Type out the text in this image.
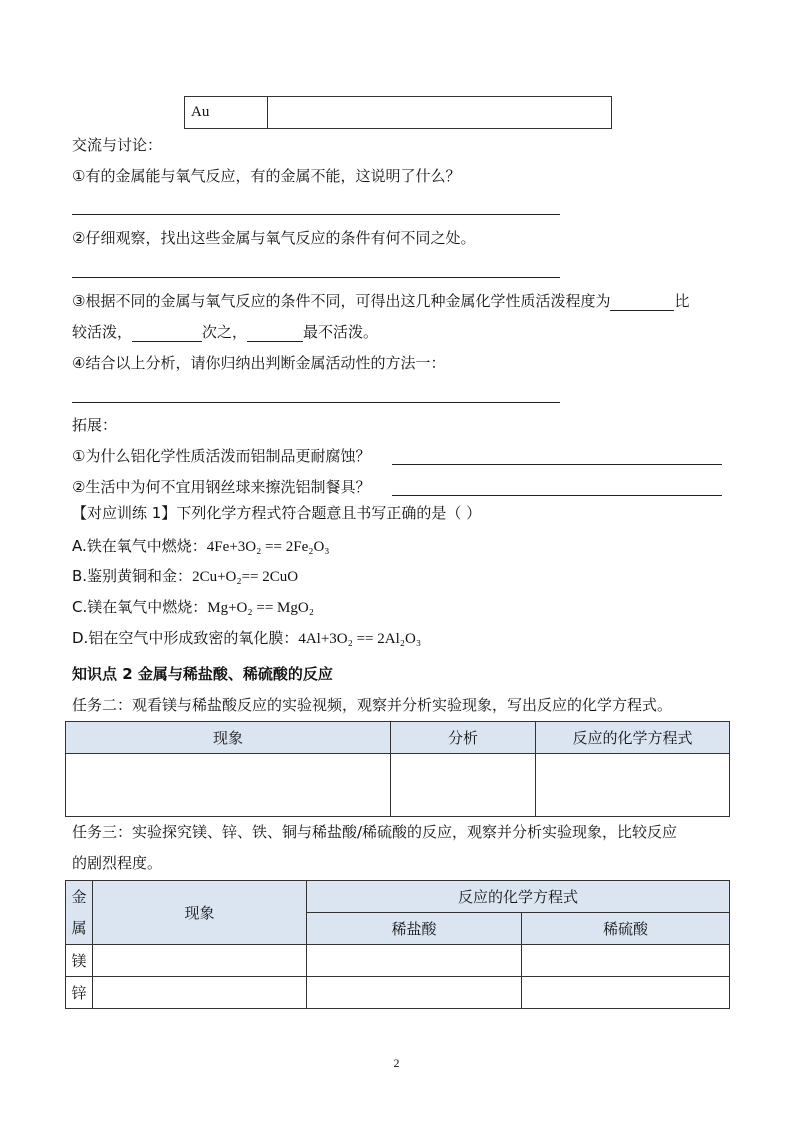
Au	
交流与讨论：
①有的金属能与氧气反应，有的金属不能，这说明了什么？
②仔细观察，找出这些金属与氧气反应的条件有何不同之处。
③根据不同的金属与氧气反应的条件不同，可得出这几种金属化学性质活泼程度为	比
较活泼，	次之，	最不活泼。
④结合以上分析，请你归纳出判断金属活动性的方法一：
拓展：
①为什么铝化学性质活泼而铝制品更耐腐蚀？
②生活中为何不宜用钢丝球来擦洗铝制餐具？
【对应训练 1】下列化学方程式符合题意且书写正确的是（ ）
A.铁在氧气中燃烧：4Fe+3O₂ == 2Fe₂O₃
B.鉴别黄铜和金：2Cu+O₂== 2CuO
C.镁在氧气中燃烧：Mg+O₂ == MgO₂
D.铝在空气中形成致密的氧化膜：4Al+3O₂ == 2Al₂O₃
知识点 2 金属与稀盐酸、稀硫酸的反应
任务二：观看镁与稀盐酸反应的实验视频，观察并分析实验现象，写出反应的化学方程式。
现象	分析	反应的化学方程式

任务三：实验探究镁、锌、铁、铜与稀盐酸/稀硫酸的反应，观察并分析实验现象，比较反应
的剧烈程度。
金
属	现象	反应的化学方程式	
		稀盐酸	稀硫酸
镁			
锌			
2
